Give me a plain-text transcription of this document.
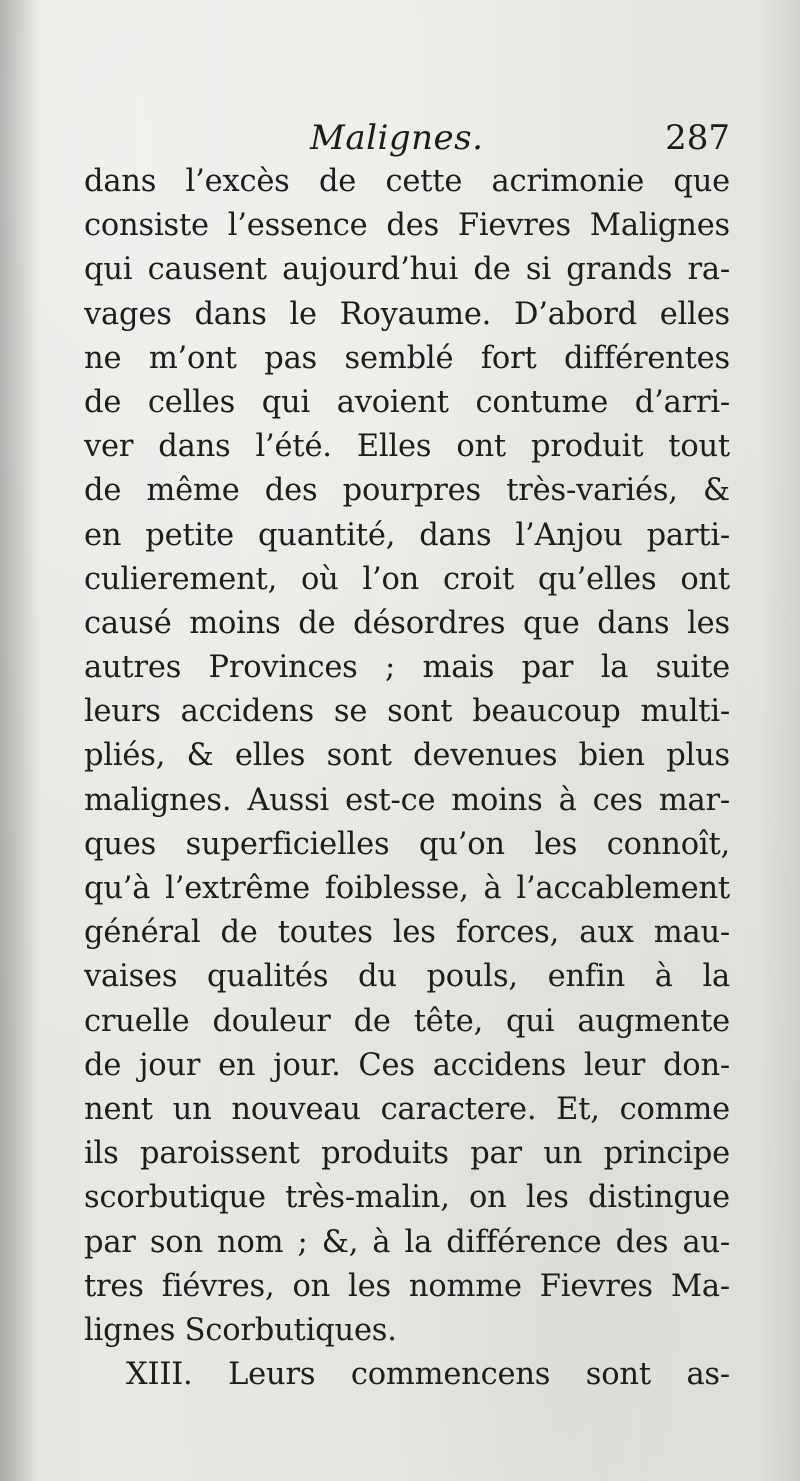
Malignes.	287
dans l’excès de cette acrimonie que
consiste l’essence des Fievres Malignes
qui causent aujourd’hui de si grands ra-
vages dans le Royaume. D’abord elles
ne m’ont pas semblé fort différentes
de celles qui avoient contume d’arri-
ver dans l’été. Elles ont produit tout
de même des pourpres très-variés, &
en petite quantité, dans l’Anjou parti-
culierement, où l’on croit qu’elles ont
causé moins de désordres que dans les
autres Provinces ; mais par la suite
leurs accidens se sont beaucoup multi-
pliés, & elles sont devenues bien plus
malignes. Aussi est-ce moins à ces mar-
ques superficielles qu’on les connoît,
qu’à l’extrême foiblesse, à l’accablement
général de toutes les forces, aux mau-
vaises qualités du pouls, enfin à la
cruelle douleur de tête, qui augmente
de jour en jour. Ces accidens leur don-
nent un nouveau caractere. Et, comme
ils paroissent produits par un principe
scorbutique très-malin, on les distingue
par son nom ; &, à la différence des au-
tres fiévres, on les nomme Fievres Ma-
lignes Scorbutiques.
XIII. Leurs commencens sont as-
